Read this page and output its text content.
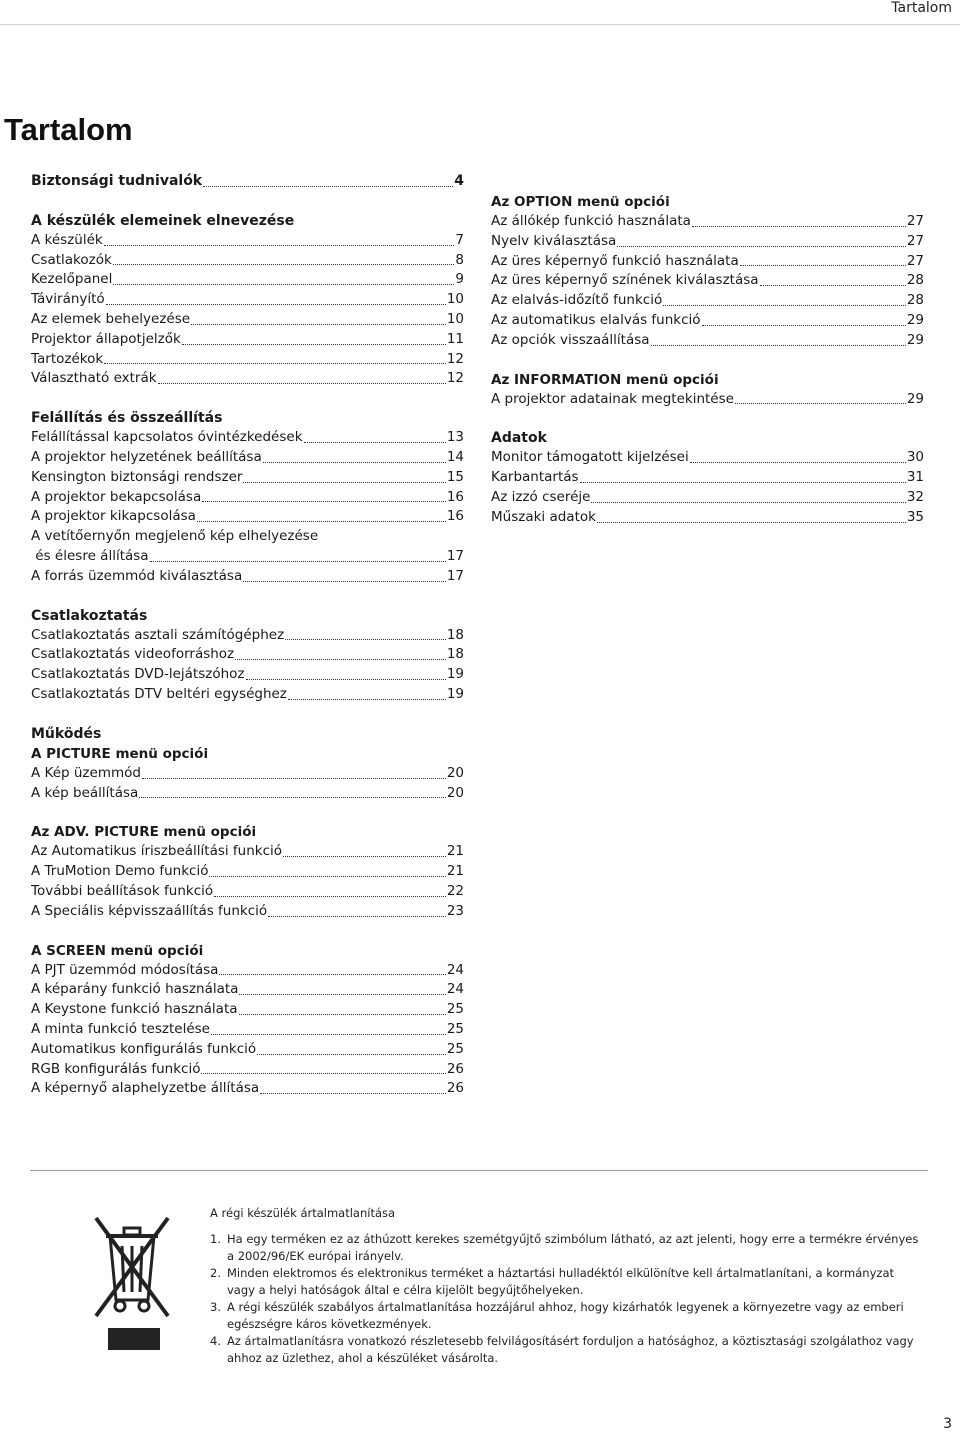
Tartalom
Tartalom
Biztonsági tudnivalók	4
A készülék elemeinek elnevezése
A készülék	7
Csatlakozók	8
Kezelőpanel	9
Távirányító	10
Az elemek behelyezése	10
Projektor állapotjelzők	11
Tartozékok	12
Választható extrák	12
Felállítás és összeállítás
Felállítással kapcsolatos óvintézkedések	13
A projektor helyzetének beállítása	14
Kensington biztonsági rendszer	15
A projektor bekapcsolása	16
A projektor kikapcsolása	16
A vetítőernyőn megjelenő kép elhelyezése
és élesre állítása	17
A forrás üzemmód kiválasztása	17
Csatlakoztatás
Csatlakoztatás asztali számítógéphez	18
Csatlakoztatás videoforráshoz	18
Csatlakoztatás DVD-lejátszóhoz	19
Csatlakoztatás DTV beltéri egységhez	19
Működés
A PICTURE menü opciói
A Kép üzemmód	20
A kép beállítása	20
Az ADV. PICTURE menü opciói
Az Automatikus íriszbeállítási funkció	21
A TruMotion Demo funkció	21
További beállítások funkció	22
A Speciális képvisszaállítás funkció	23
A SCREEN menü opciói
A PJT üzemmód módosítása	24
A képarány funkció használata	24
A Keystone funkció használata	25
A minta funkció tesztelése	25
Automatikus konfigurálás funkció	25
RGB konfigurálás funkció	26
A képernyő alaphelyzetbe állítása	26
Az OPTION menü opciói
Az állókép funkció használata	27
Nyelv kiválasztása	27
Az üres képernyő funkció használata	27
Az üres képernyő színének kiválasztása	28
Az elalvás-időzítő funkció	28
Az automatikus elalvás funkció	29
Az opciók visszaállítása	29
Az INFORMATION menü opciói
A projektor adatainak megtekintése	29
Adatok
Monitor támogatott kijelzései	30
Karbantartás	31
Az izzó cseréje	32
Műszaki adatok	35
A régi készülék ártalmatlanítása
1. Ha egy terméken ez az áthúzott kerekes szemétgyűjtő szimbólum látható, az azt jelenti, hogy erre a termékre érvényes a 2002/96/EK európai irányelv.
2. Minden elektromos és elektronikus terméket a háztartási hulladéktól elkülönítve kell ártalmatlanítani, a kormányzat vagy a helyi hatóságok által e célra kijelölt begyűjtőhelyeken.
3. A régi készülék szabályos ártalmatlanítása hozzájárul ahhoz, hogy kizárhatók legyenek a környezetre vagy az emberi egészségre káros következmények.
4. Az ártalmatlanításra vonatkozó részletesebb felvilágosításért forduljon a hatósághoz, a köztisztasági szolgálathoz vagy ahhoz az üzlethez, ahol a készüléket vásárolta.
3
